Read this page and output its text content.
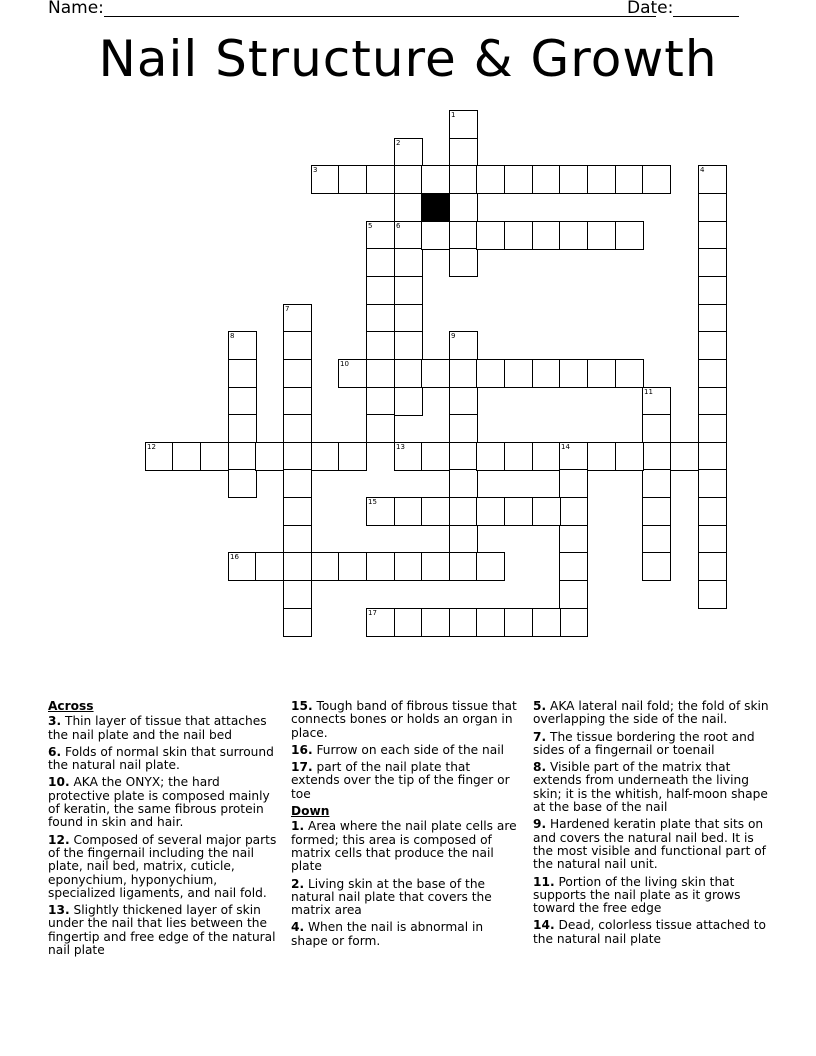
Name:	Date:
Nail Structure & Growth
1
2
6
3	4
5
7
8	9
10
11
12	13	14
15
16
17
Across
3. Thin layer of tissue that attaches the nail plate and the nail bed
6. Folds of normal skin that surround the natural nail plate.
10. AKA the ONYX; the hard protective plate is composed mainly of keratin, the same fibrous protein found in skin and hair.
12. Composed of several major parts of the fingernail including the nail plate, nail bed, matrix, cuticle, eponychium, hyponychium, specialized ligaments, and nail fold.
13. Slightly thickened layer of skin under the nail that lies between the fingertip and free edge of the natural nail plate
15. Tough band of fibrous tissue that connects bones or holds an organ in place.
16. Furrow on each side of the nail
17. part of the nail plate that extends over the tip of the finger or toe
Down
1. Area where the nail plate cells are formed; this area is composed of matrix cells that produce the nail plate
2. Living skin at the base of the natural nail plate that covers the matrix area
4. When the nail is abnormal in shape or form.
5. AKA lateral nail fold; the fold of skin overlapping the side of the nail.
7. The tissue bordering the root and sides of a fingernail or toenail
8. Visible part of the matrix that extends from underneath the living skin; it is the whitish, half-moon shape at the base of the nail
9. Hardened keratin plate that sits on and covers the natural nail bed. It is the most visible and functional part of the natural nail unit.
11. Portion of the living skin that supports the nail plate as it grows toward the free edge
14. Dead, colorless tissue attached to the natural nail plate
